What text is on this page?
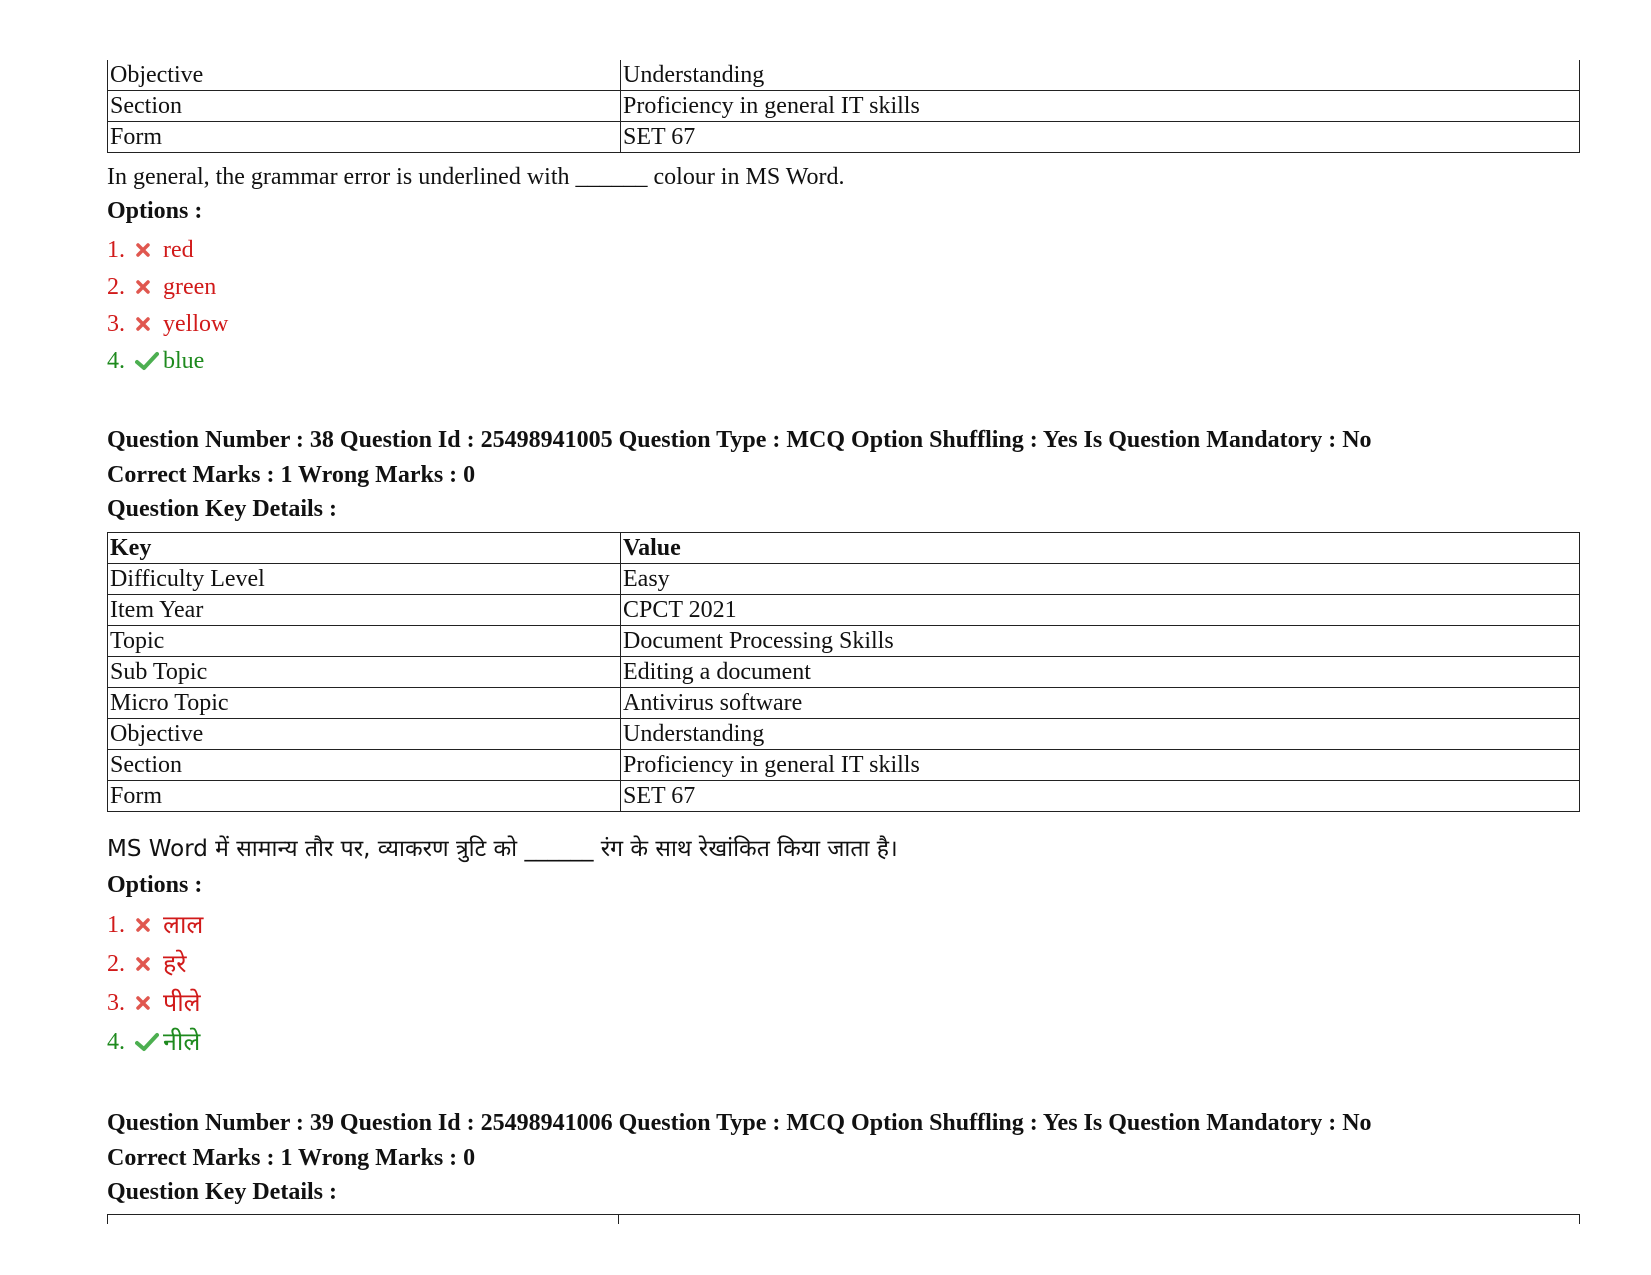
Objective	Understanding
Section	Proficiency in general IT skills
Form	SET 67
In general, the grammar error is underlined with ______ colour in MS Word.
Options :
1.	red
2.	green
3.	yellow
4.	blue
Question Number : 38 Question Id : 25498941005 Question Type : MCQ Option Shuffling : Yes Is Question Mandatory : No
Correct Marks : 1 Wrong Marks : 0
Question Key Details :
Key	Value
Difficulty Level	Easy
Item Year	CPCT 2021
Topic	Document Processing Skills
Sub Topic	Editing a document
Micro Topic	Antivirus software
Objective	Understanding
Section	Proficiency in general IT skills
Form	SET 67
MS Word में सामान्य तौर पर, व्याकरण त्रुटि को ______ रंग के साथ रेखांकित किया जाता है।
Options :
1.	लाल
2.	हरे
3.	पीले
4.	नीले
Question Number : 39 Question Id : 25498941006 Question Type : MCQ Option Shuffling : Yes Is Question Mandatory : No
Correct Marks : 1 Wrong Marks : 0
Question Key Details :
